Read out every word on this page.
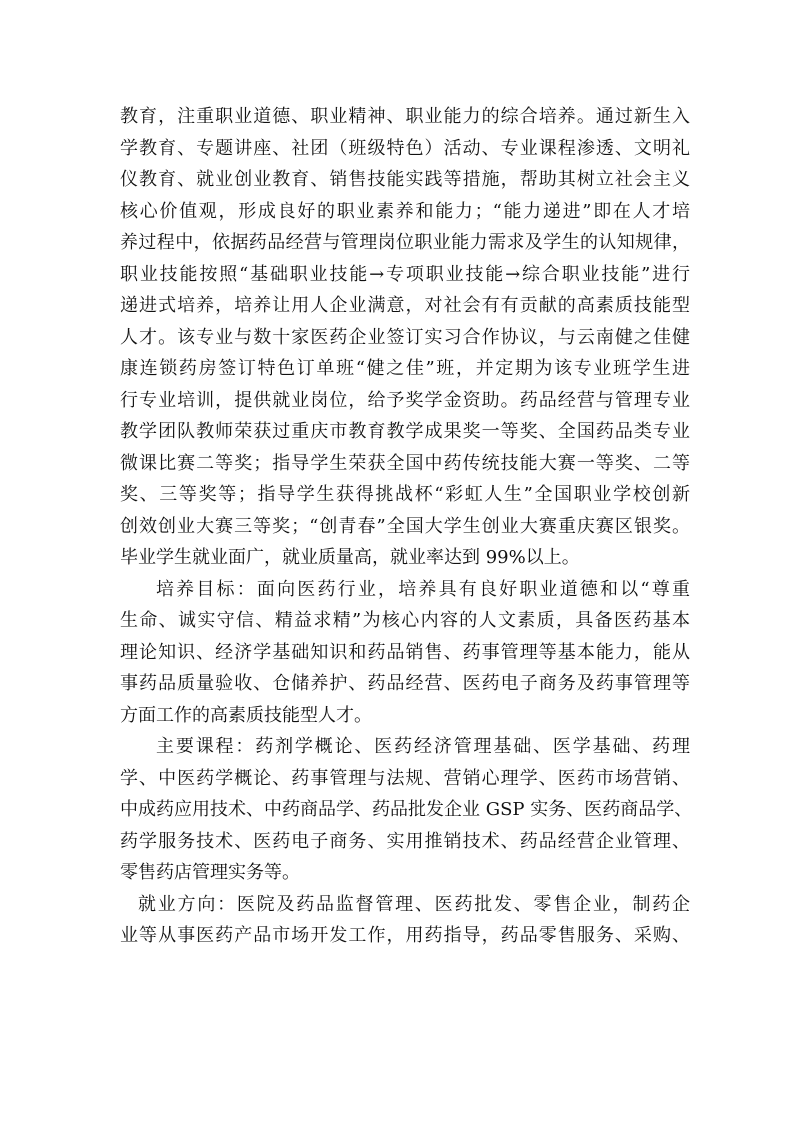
教育，注重职业道德、职业精神、职业能力的综合培养。通过新生入
学教育、专题讲座、社团（班级特色）活动、专业课程渗透、文明礼
仪教育、就业创业教育、销售技能实践等措施，帮助其树立社会主义
核心价值观，形成良好的职业素养和能力；“能力递进”即在人才培
养过程中，依据药品经营与管理岗位职业能力需求及学生的认知规律，
职业技能按照“基础职业技能→专项职业技能→综合职业技能”进行
递进式培养，培养让用人企业满意，对社会有有贡献的高素质技能型
人才。该专业与数十家医药企业签订实习合作协议，与云南健之佳健
康连锁药房签订特色订单班“健之佳”班，并定期为该专业班学生进
行专业培训，提供就业岗位，给予奖学金资助。药品经营与管理专业
教学团队教师荣获过重庆市教育教学成果奖一等奖、全国药品类专业
微课比赛二等奖；指导学生荣获全国中药传统技能大赛一等奖、二等
奖、三等奖等；指导学生获得挑战杯“彩虹人生”全国职业学校创新
创效创业大赛三等奖；“创青春”全国大学生创业大赛重庆赛区银奖。
毕业学生就业面广，就业质量高，就业率达到 99%以上。
培养目标：面向医药行业，培养具有良好职业道德和以“尊重
生命、诚实守信、精益求精”为核心内容的人文素质，具备医药基本
理论知识、经济学基础知识和药品销售、药事管理等基本能力，能从
事药品质量验收、仓储养护、药品经营、医药电子商务及药事管理等
方面工作的高素质技能型人才。
主要课程：药剂学概论、医药经济管理基础、医学基础、药理
学、中医药学概论、药事管理与法规、营销心理学、医药市场营销、
中成药应用技术、中药商品学、药品批发企业 GSP 实务、医药商品学、
药学服务技术、医药电子商务、实用推销技术、药品经营企业管理、
零售药店管理实务等。
就业方向：医院及药品监督管理、医药批发、零售企业，制药企
业等从事医药产品市场开发工作，用药指导，药品零售服务、采购、
